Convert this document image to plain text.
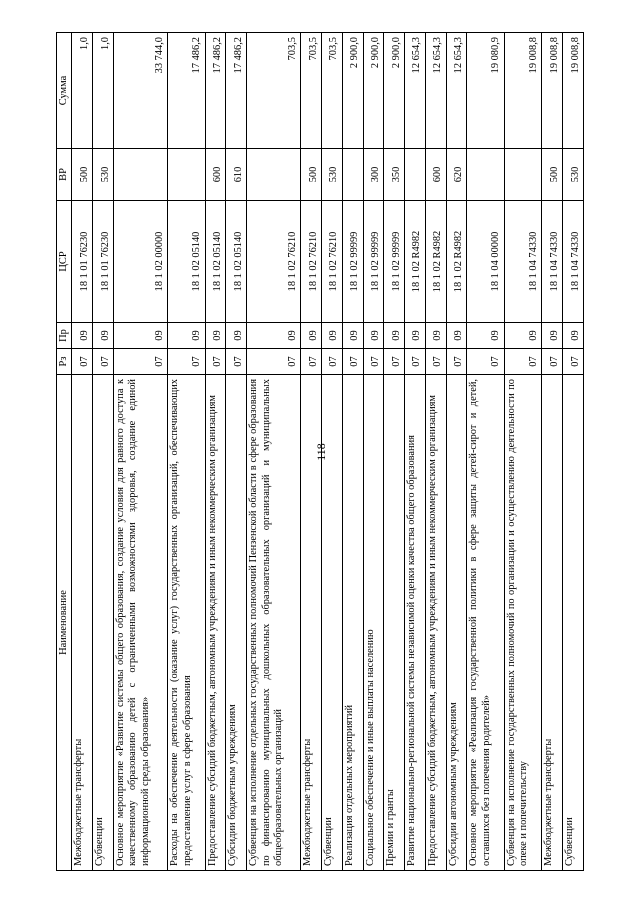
118
Наименование	Рз	Пр	ЦСР	ВР	Сумма
Межбюджетные трансферты	07	09	18 1 01 76230	500	1,0
Субвенции	07	09	18 1 01 76230	530	1,0
Основное мероприятие «Развитие системы общего образования, создание условия для равного доступа к качественному образованию детей с ограниченными возможностями здоровья, создание единой информационной среды образования»	07	09	18 1 02 00000		33 744,0
Расходы на обеспечение деятельности (оказание услуг) государственных организаций, обеспечивающих предоставление услуг в сфере образования	07	09	18 1 02 05140		17 486,2
Предоставление субсидий бюджетным, автономным учреждениям и иным некоммерческим организациям	07	09	18 1 02 05140	600	17 486,2
Субсидии бюджетным учреждениям	07	09	18 1 02 05140	610	17 486,2
Субвенция на исполнение отдельных государственных полномочий Пензенской области в сфере образования по финансированию муниципальных дошкольных образовательных организаций и муниципальных общеобразовательных организаций	07	09	18 1 02 76210		703,5
Межбюджетные трансферты	07	09	18 1 02 76210	500	703,5
Субвенции	07	09	18 1 02 76210	530	703,5
Реализация отдельных мероприятий	07	09	18 1 02 99999		2 900,0
Социальное обеспечение и иные выплаты населению	07	09	18 1 02 99999	300	2 900,0
Премии и гранты	07	09	18 1 02 99999	350	2 900,0
Развитие национально-региональной системы независимой оценки качества общего образования	07	09	18 1 02 R4982		12 654,3
Предоставление субсидий бюджетным, автономным учреждениям и иным некоммерческим организациям	07	09	18 1 02 R4982	600	12 654,3
Субсидии автономным учреждениям	07	09	18 1 02 R4982	620	12 654,3
Основное мероприятие «Реализация государственной политики в сфере защиты детей-сирот и детей, оставшихся без попечения родителей»	07	09	18 1 04 00000		19 080,9
Субвенция на исполнение государственных полномочий по организации и осуществлению деятельности по опеке и попечительству	07	09	18 1 04 74330		19 008,8
Межбюджетные трансферты	07	09	18 1 04 74330	500	19 008,8
Субвенции	07	09	18 1 04 74330	530	19 008,8
